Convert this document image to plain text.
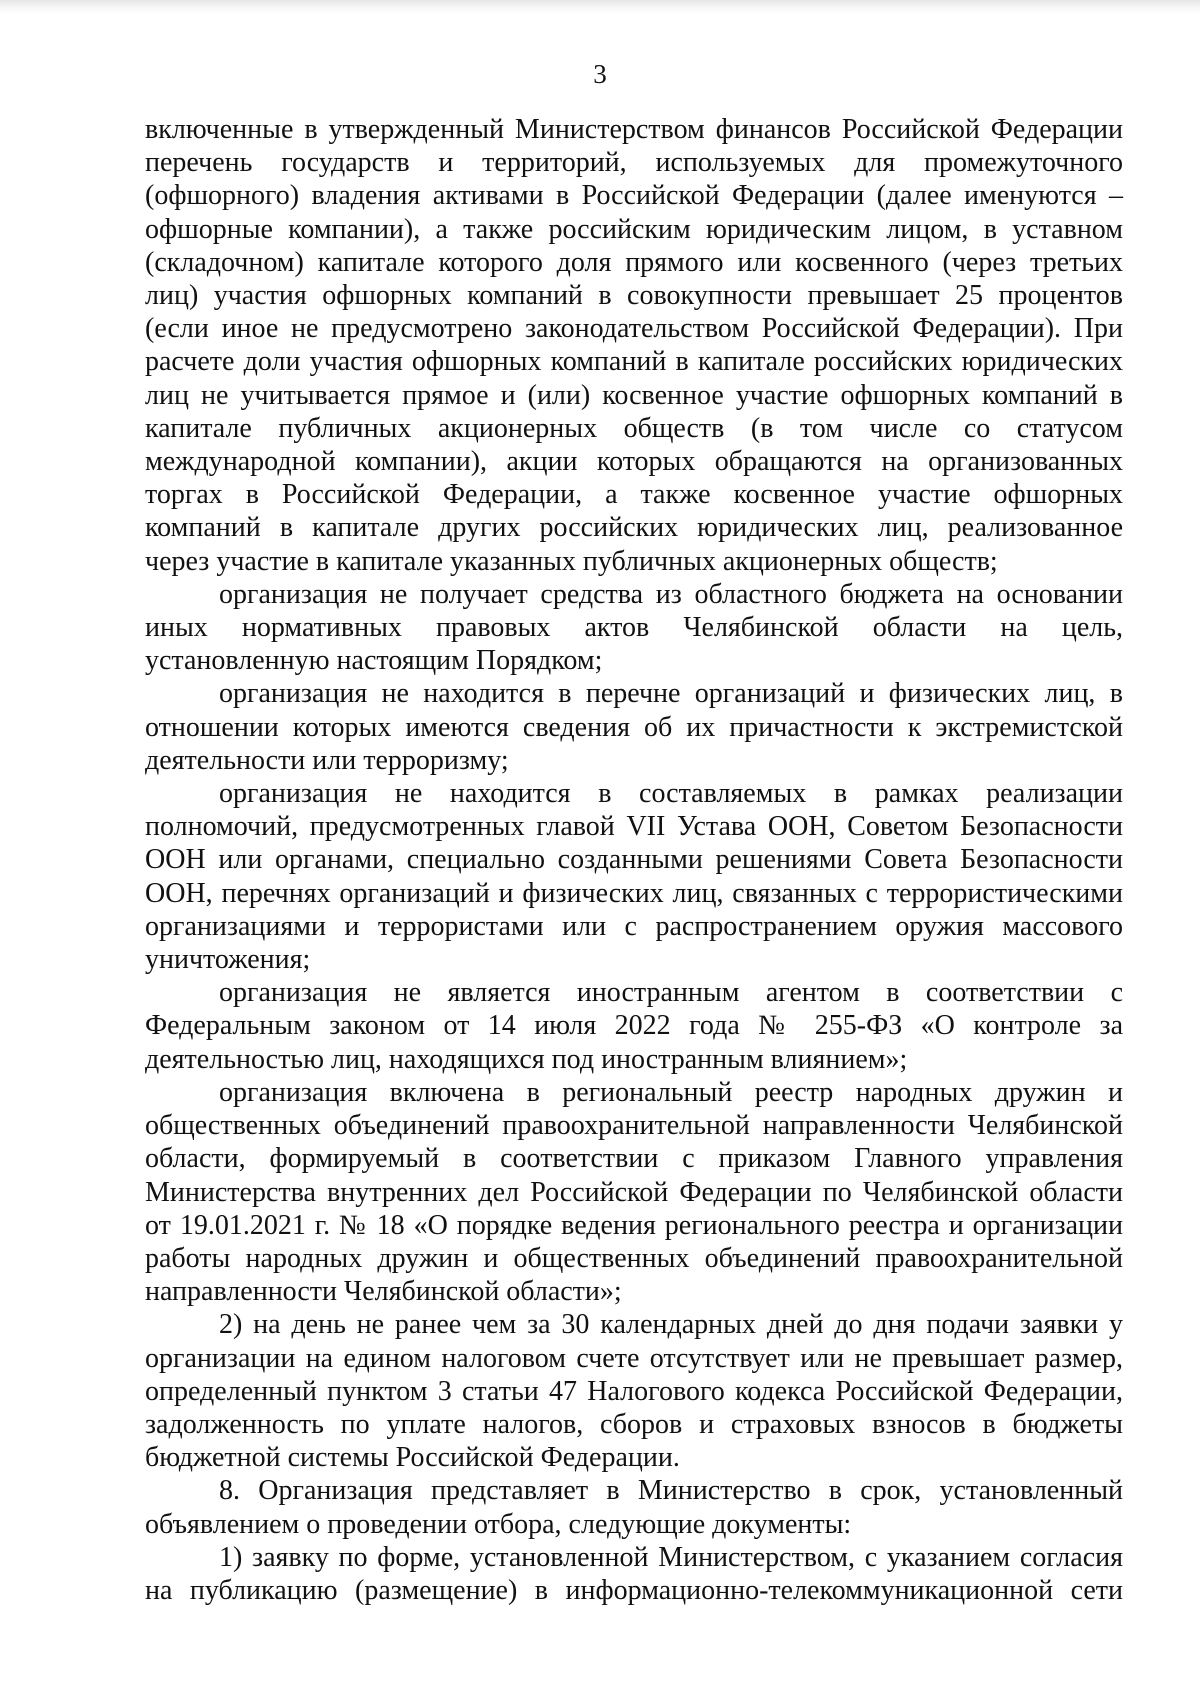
3
включенные в утвержденный Министерством финансов Российской Федерации
перечень государств и территорий, используемых для промежуточного
(офшорного) владения активами в Российской Федерации (далее именуются –
офшорные компании), а также российским юридическим лицом, в уставном
(складочном) капитале которого доля прямого или косвенного (через третьих
лиц) участия офшорных компаний в совокупности превышает 25 процентов
(если иное не предусмотрено законодательством Российской Федерации). При
расчете доли участия офшорных компаний в капитале российских юридических
лиц не учитывается прямое и (или) косвенное участие офшорных компаний в
капитале публичных акционерных обществ (в том числе со статусом
международной компании), акции которых обращаются на организованных
торгах в Российской Федерации, а также косвенное участие офшорных
компаний в капитале других российских юридических лиц, реализованное
через участие в капитале указанных публичных акционерных обществ;
организация не получает средства из областного бюджета на основании
иных нормативных правовых актов Челябинской области на цель,
установленную настоящим Порядком;
организация не находится в перечне организаций и физических лиц, в
отношении которых имеются сведения об их причастности к экстремистской
деятельности или терроризму;
организация не находится в составляемых в рамках реализации
полномочий, предусмотренных главой VII Устава ООН, Советом Безопасности
ООН или органами, специально созданными решениями Совета Безопасности
ООН, перечнях организаций и физических лиц, связанных с террористическими
организациями и террористами или с распространением оружия массового
уничтожения;
организация не является иностранным агентом в соответствии с
Федеральным законом от 14 июля 2022 года № 255-ФЗ «О контроле за
деятельностью лиц, находящихся под иностранным влиянием»;
организация включена в региональный реестр народных дружин и
общественных объединений правоохранительной направленности Челябинской
области, формируемый в соответствии с приказом Главного управления
Министерства внутренних дел Российской Федерации по Челябинской области
от 19.01.2021 г. № 18 «О порядке ведения регионального реестра и организации
работы народных дружин и общественных объединений правоохранительной
направленности Челябинской области»;
2) на день не ранее чем за 30 календарных дней до дня подачи заявки у
организации на едином налоговом счете отсутствует или не превышает размер,
определенный пунктом 3 статьи 47 Налогового кодекса Российской Федерации,
задолженность по уплате налогов, сборов и страховых взносов в бюджеты
бюджетной системы Российской Федерации.
8. Организация представляет в Министерство в срок, установленный
объявлением о проведении отбора, следующие документы:
1) заявку по форме, установленной Министерством, с указанием согласия
на публикацию (размещение) в информационно-телекоммуникационной сети
